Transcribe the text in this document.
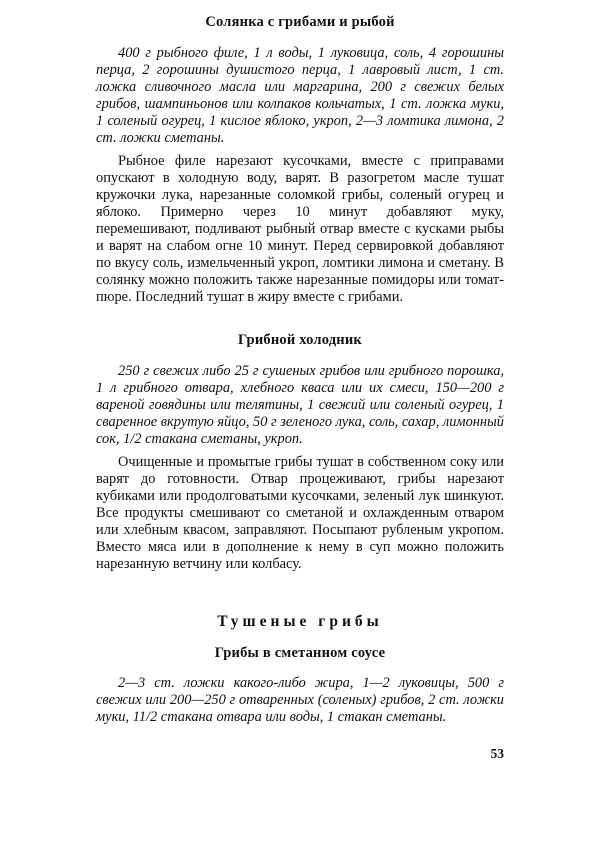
Солянка с грибами и рыбой

400 г рыбного филе, 1 л воды, 1 луковица, соль, 4 горошины перца, 2 горошины душистого перца, 1 лавровый лист, 1 ст. ложка сливочного масла или маргарина, 200 г свежих белых грибов, шампиньонов или колпаков кольчатых, 1 ст. ложка муки, 1 соленый огурец, 1 кислое яблоко, укроп, 2—3 ломтика лимона, 2 ст. ложки сметаны.

Рыбное филе нарезают кусочками, вместе с приправами опускают в холодную воду, варят. В разогретом масле тушат кружочки лука, нарезанные соломкой грибы, соленый огурец и яблоко. Примерно через 10 минут добавляют муку, перемешивают, подливают рыбный отвар вместе с кусками рыбы и варят на слабом огне 10 минут. Перед сервировкой добавляют по вкусу соль, измельченный укроп, ломтики лимона и сметану. В солянку можно положить также нарезанные помидоры или томат-пюре. Последний тушат в жиру вместе с грибами.

Грибной холодник

250 г свежих либо 25 г сушеных грибов или грибного порошка, 1 л грибного отвара, хлебного кваса или их смеси, 150—200 г вареной говядины или телятины, 1 свежий или соленый огурец, 1 сваренное вкрутую яйцо, 50 г зеленого лука, соль, сахар, лимонный сок, 1/2 стакана сметаны, укроп.

Очищенные и промытые грибы тушат в собственном соку или варят до готовности. Отвар процеживают, грибы нарезают кубиками или продолговатыми кусочками, зеленый лук шинкуют. Все продукты смешивают со сметаной и охлажденным отваром или хлебным квасом, заправляют. Посыпают рубленым укропом. Вместо мяса или в дополнение к нему в суп можно положить нарезанную ветчину или колбасу.

Тушеные грибы
Грибы в сметанном соусе

2—3 ст. ложки какого-либо жира, 1—2 луковицы, 500 г свежих или 200—250 г отваренных (соленых) грибов, 2 ст. ложки муки, 11/2 стакана отвара или воды, 1 стакан сметаны.

53
